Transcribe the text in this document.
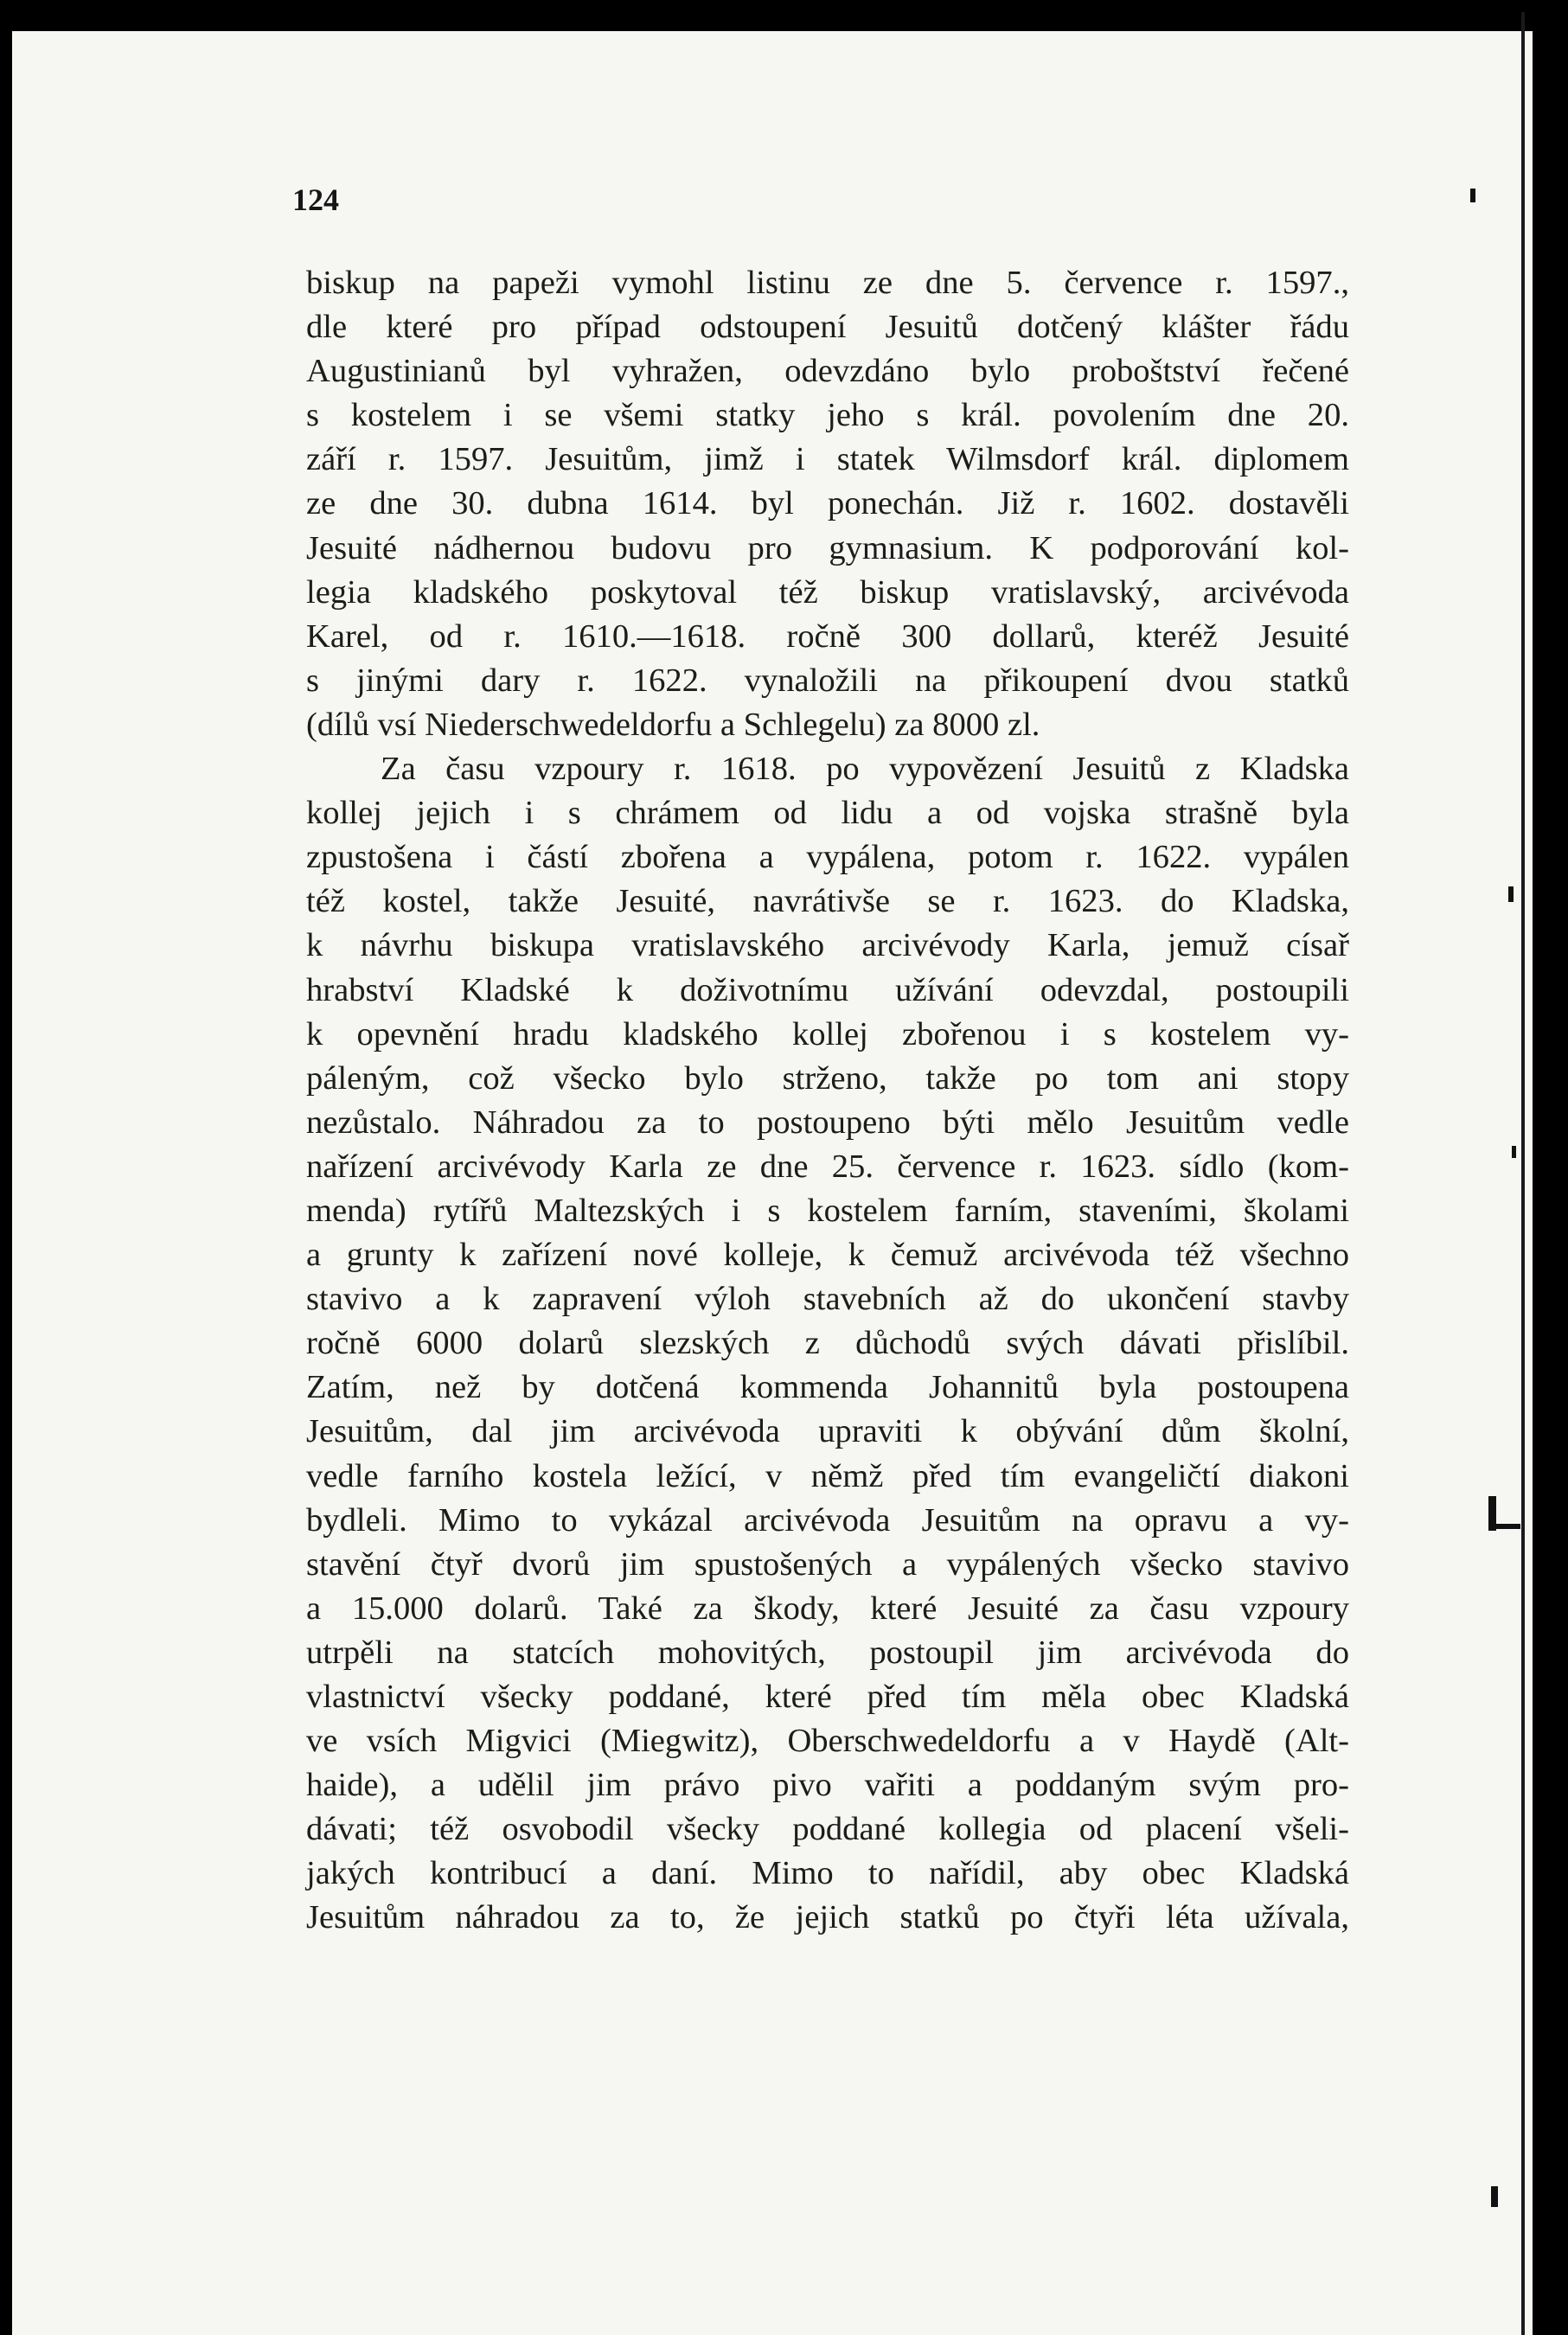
124
biskup na papeži vymohl listinu ze dne 5. července r. 1597.,
dle které pro případ odstoupení Jesuitů dotčený klášter řádu
Augustinianů byl vyhražen, odevzdáno bylo proboštství řečené
s kostelem i se všemi statky jeho s král. povolením dne 20.
září r. 1597. Jesuitům, jimž i statek Wilmsdorf král. diplomem
ze dne 30. dubna 1614. byl ponechán. Již r. 1602. dostavěli
Jesuité nádhernou budovu pro gymnasium. K podporování kol-
legia kladského poskytoval též biskup vratislavský, arcivévoda
Karel, od r. 1610.—1618. ročně 300 dollarů, kteréž Jesuité
s jinými dary r. 1622. vynaložili na přikoupení dvou statků
(dílů vsí Niederschwedeldorfu a Schlegelu) za 8000 zl.
Za času vzpoury r. 1618. po vypovězení Jesuitů z Kladska
kollej jejich i s chrámem od lidu a od vojska strašně byla
zpustošena i částí zbořena a vypálena, potom r. 1622. vypálen
též kostel, takže Jesuité, navrátivše se r. 1623. do Kladska,
k návrhu biskupa vratislavského arcivévody Karla, jemuž císař
hrabství Kladské k doživotnímu užívání odevzdal, postoupili
k opevnění hradu kladského kollej zbořenou i s kostelem vy-
páleným, což všecko bylo strženo, takže po tom ani stopy
nezůstalo. Náhradou za to postoupeno býti mělo Jesuitům vedle
nařízení arcivévody Karla ze dne 25. července r. 1623. sídlo (kom-
menda) rytířů Maltezských i s kostelem farním, staveními, školami
a grunty k zařízení nové kolleje, k čemuž arcivévoda též všechno
stavivo a k zapravení výloh stavebních až do ukončení stavby
ročně 6000 dolarů slezských z důchodů svých dávati přislíbil.
Zatím, než by dotčená kommenda Johannitů byla postoupena
Jesuitům, dal jim arcivévoda upraviti k obývání dům školní,
vedle farního kostela ležící, v němž před tím evangeličtí diakoni
bydleli. Mimo to vykázal arcivévoda Jesuitům na opravu a vy-
stavění čtyř dvorů jim spustošených a vypálených všecko stavivo
a 15.000 dolarů. Také za škody, které Jesuité za času vzpoury
utrpěli na statcích mohovitých, postoupil jim arcivévoda do
vlastnictví všecky poddané, které před tím měla obec Kladská
ve vsích Migvici (Miegwitz), Oberschwedeldorfu a v Haydě (Alt-
haide), a udělil jim právo pivo vařiti a poddaným svým pro-
dávati; též osvobodil všecky poddané kollegia od placení všeli-
jakých kontribucí a daní. Mimo to nařídil, aby obec Kladská
Jesuitům náhradou za to, že jejich statků po čtyři léta užívala,
